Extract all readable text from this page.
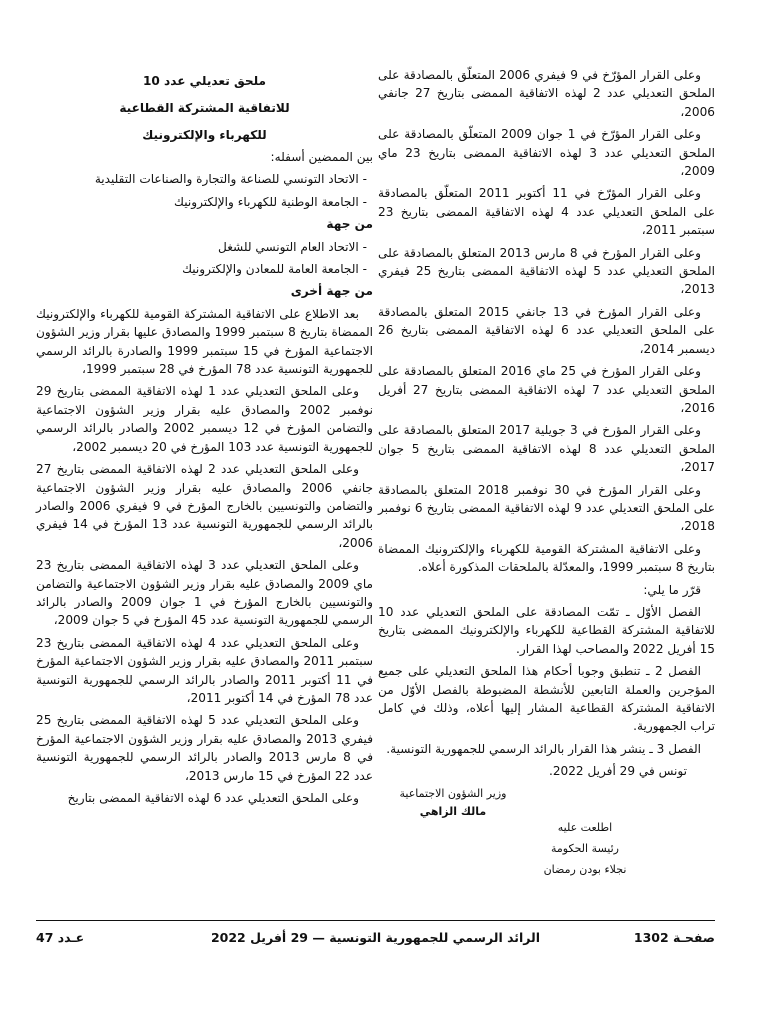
وعلى القرار المؤرّخ في 9 فيفري 2006 المتعلّق بالمصادقة على الملحق التعديلي عدد 2 لهذه الاتفاقية الممضى بتاريخ 27 جانفي 2006،

وعلى القرار المؤرّخ في 1 جوان 2009 المتعلّق بالمصادقة على الملحق التعديلي عدد 3 لهذه الاتفاقية الممضى بتاريخ 23 ماي 2009،

وعلى القرار المؤرّخ في 11 أكتوبر 2011 المتعلّق بالمصادقة على الملحق التعديلي عدد 4 لهذه الاتفاقية الممضى بتاريخ 23 سبتمبر 2011،

وعلى القرار المؤرخ في 8 مارس 2013 المتعلق بالمصادقة على الملحق التعديلي عدد 5 لهذه الاتفاقية الممضى بتاريخ 25 فيفري 2013،

وعلى القرار المؤرخ في 13 جانفي 2015 المتعلق بالمصادقة على الملحق التعديلي عدد 6 لهذه الاتفاقية الممضى بتاريخ 26 ديسمبر 2014،

وعلى القرار المؤرخ في 25 ماي 2016 المتعلق بالمصادقة على الملحق التعديلي عدد 7 لهذه الاتفاقية الممضى بتاريخ 27 أفريل 2016،

وعلى القرار المؤرخ في 3 جويلية 2017 المتعلق بالمصادقة على الملحق التعديلي عدد 8 لهذه الاتفاقية الممضى بتاريخ 5 جوان 2017،

وعلى القرار المؤرخ في 30 نوفمبر 2018 المتعلق بالمصادقة على الملحق التعديلي عدد 9 لهذه الاتفاقية الممضى بتاريخ 6 نوفمبر 2018،

وعلى الاتفاقية المشتركة القومية للكهرباء والإلكترونيك الممضاة بتاريخ 8 سبتمبر 1999، والمعدّلة بالملحقات المذكورة أعلاه.

قرّر ما يلي:

الفصل الأوّل ـ تمّت المصادقة على الملحق التعديلي عدد 10 للاتفاقية المشتركة القطاعية للكهرباء والإلكترونيك الممضى بتاريخ 15 أفريل 2022 والمصاحب لهذا القرار.

الفصل 2 ـ تنطبق وجوبا أحكام هذا الملحق التعديلي على جميع المؤجرين والعملة التابعين للأنشطة المضبوطة بالفصل الأوّل من الاتفاقية المشتركة القطاعية المشار إليها أعلاه، وذلك في كامل تراب الجمهورية.

الفصل 3 ـ ينشر هذا القرار بالرائد الرسمي للجمهورية التونسية.

تونس في 29 أفريل 2022.

وزير الشؤون الاجتماعية
مالك الزاهي
اطلعت عليه
رئيسة الحكومة
نجلاء بودن رمضان
ملحق تعديلي عدد 10
للاتفاقية المشتركة القطاعية
للكهرباء والإلكترونيك

بين الممضين أسفله:

- الاتحاد التونسي للصناعة والتجارة والصناعات التقليدية

- الجامعة الوطنية للكهرباء والإلكترونيك

من جهة

- الاتحاد العام التونسي للشغل

- الجامعة العامة للمعادن والإلكترونيك

من جهة أخرى

بعد الاطلاع على الاتفاقية المشتركة القومية للكهرباء والإلكترونيك الممضاة بتاريخ 8 سبتمبر 1999 والمصادق عليها بقرار وزير الشؤون الاجتماعية المؤرخ في 15 سبتمبر 1999 والصادرة بالرائد الرسمي للجمهورية التونسية عدد 78 المؤرخ في 28 سبتمبر 1999،

وعلى الملحق التعديلي عدد 1 لهذه الاتفاقية الممضى بتاريخ 29 نوفمبر 2002 والمصادق عليه بقرار وزير الشؤون الاجتماعية والتضامن المؤرخ في 12 ديسمبر 2002 والصادر بالرائد الرسمي للجمهورية التونسية عدد 103 المؤرخ في 20 ديسمبر 2002،

وعلى الملحق التعديلي عدد 2 لهذه الاتفاقية الممضى بتاريخ 27 جانفي 2006 والمصادق عليه بقرار وزير الشؤون الاجتماعية والتضامن والتونسيين بالخارج المؤرخ في 9 فيفري 2006 والصادر بالرائد الرسمي للجمهورية التونسية عدد 13 المؤرخ في 14 فيفري 2006،

وعلى الملحق التعديلي عدد 3 لهذه الاتفاقية الممضى بتاريخ 23 ماي 2009 والمصادق عليه بقرار وزير الشؤون الاجتماعية والتضامن والتونسيين بالخارج المؤرخ في 1 جوان 2009 والصادر بالرائد الرسمي للجمهورية التونسية عدد 45 المؤرخ في 5 جوان 2009،

وعلى الملحق التعديلي عدد 4 لهذه الاتفاقية الممضى بتاريخ 23 سبتمبر 2011 والمصادق عليه بقرار وزير الشؤون الاجتماعية المؤرخ في 11 أكتوبر 2011 والصادر بالرائد الرسمي للجمهورية التونسية عدد 78 المؤرخ في 14 أكتوبر 2011،

وعلى الملحق التعديلي عدد 5 لهذه الاتفاقية الممضى بتاريخ 25 فيفري 2013 والمصادق عليه بقرار وزير الشؤون الاجتماعية المؤرخ في 8 مارس 2013 والصادر بالرائد الرسمي للجمهورية التونسية عدد 22 المؤرخ في 15 مارس 2013،

وعلى الملحق التعديلي عدد 6 لهذه الاتفاقية الممضى بتاريخ

صفحـة 1302
الرائد الرسمي للجمهورية التونسية — 29 أفريل 2022
عـدد 47
